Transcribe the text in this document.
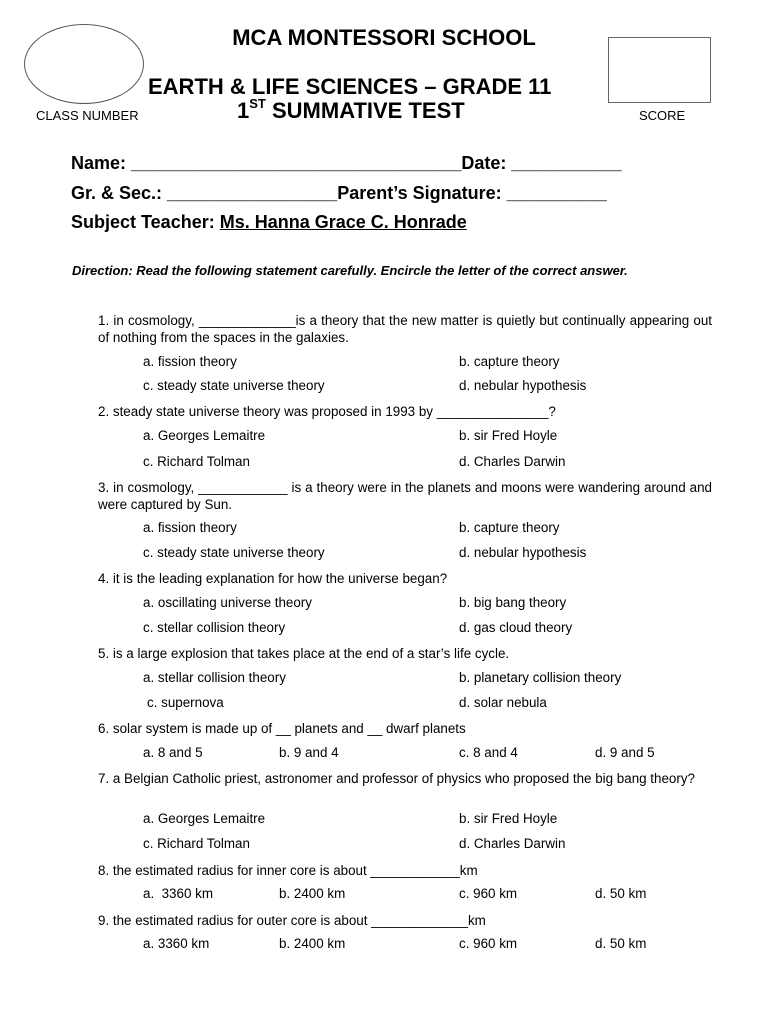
MCA MONTESSORI SCHOOL
EARTH & LIFE SCIENCES – GRADE 11
1ST SUMMATIVE TEST
CLASS NUMBER	SCORE
Name: _________________________________Date: ___________
Gr. & Sec.: _________________Parent’s Signature: __________
Subject Teacher: Ms. Hanna Grace C. Honrade
Direction: Read the following statement carefully. Encircle the letter of the correct answer.
1. in cosmology, _____________is a theory that the new matter is quietly but continually appearing out of nothing from the spaces in the galaxies.
a. fission theory	b. capture theory
c. steady state universe theory	d. nebular hypothesis
2. steady state universe theory was proposed in 1993 by _______________?
a. Georges Lemaitre	b. sir Fred Hoyle
c. Richard Tolman	d. Charles Darwin
3. in cosmology, ____________ is a theory were in the planets and moons were wandering around and were captured by Sun.
a. fission theory	b. capture theory
c. steady state universe theory	d. nebular hypothesis
4. it is the leading explanation for how the universe began?
a. oscillating universe theory	b. big bang theory
c. stellar collision theory	d. gas cloud theory
5. is a large explosion that takes place at the end of a star’s life cycle.
a. stellar collision theory	b. planetary collision theory
c. supernova	d. solar nebula
6. solar system is made up of __ planets and __ dwarf planets
a. 8 and 5	b. 9 and 4	c. 8 and 4	d. 9 and 5
7. a Belgian Catholic priest, astronomer and professor of physics who proposed the big bang theory?
a. Georges Lemaitre	b. sir Fred Hoyle
c. Richard Tolman	d. Charles Darwin
8. the estimated radius for inner core is about ____________km
a.  3360 km	b. 2400 km	c. 960 km	d. 50 km
9. the estimated radius for outer core is about _____________km
a. 3360 km	b. 2400 km	c. 960 km	d. 50 km
